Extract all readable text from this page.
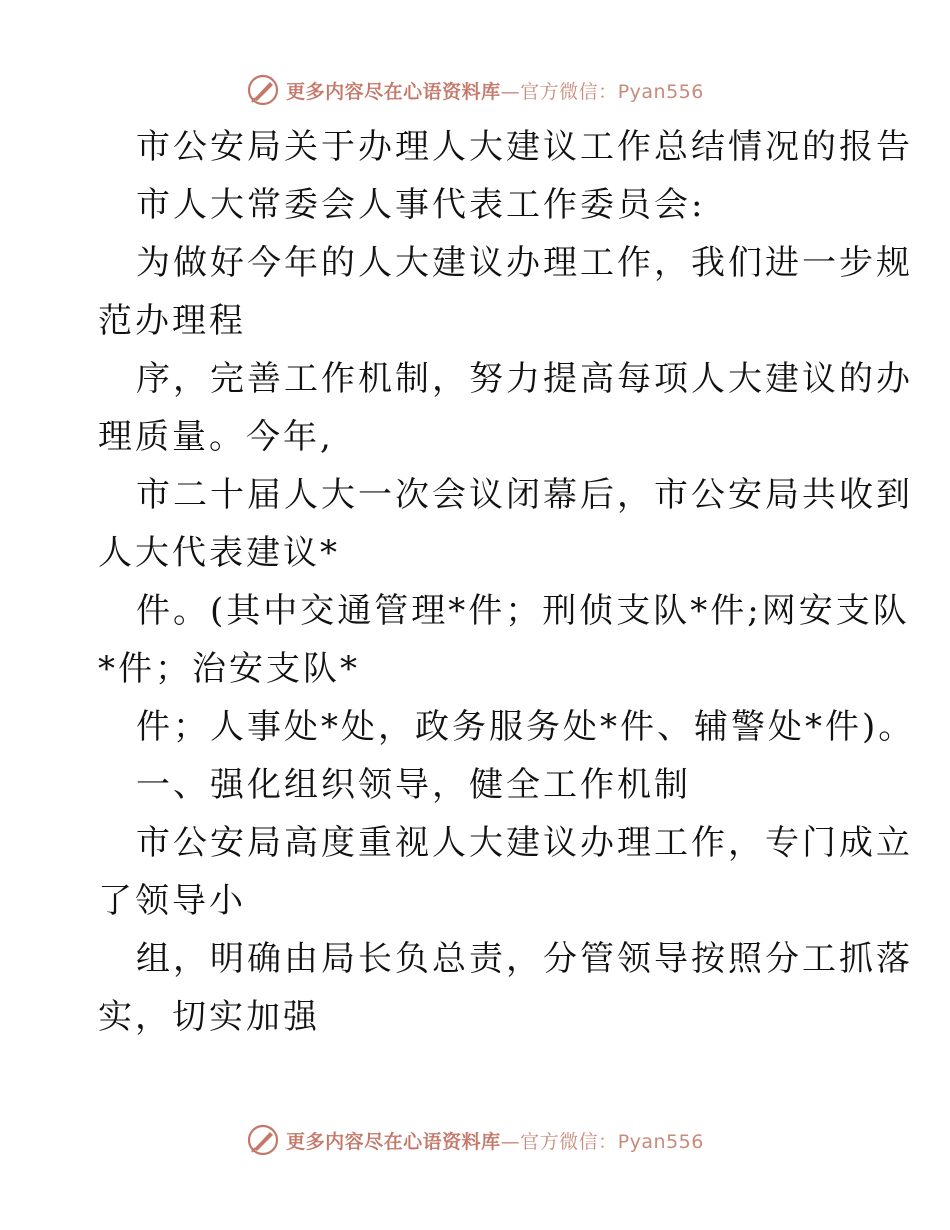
更多内容尽在心语资料库—官方微信：Pyan556
市公安局关于办理人大建议工作总结情况的报告
市人大常委会人事代表工作委员会:
为做好今年的人大建议办理工作，我们进一步规
范办理程
序，完善工作机制，努力提高每项人大建议的办
理质量。今年,
市二十届人大一次会议闭幕后，市公安局共收到
人大代表建议*
件。(其中交通管理*件；刑侦支队*件;网安支队
*件；治安支队*
件；人事处*处，政务服务处*件、辅警处*件)。
一、强化组织领导，健全工作机制
市公安局高度重视人大建议办理工作，专门成立
了领导小
组，明确由局长负总责，分管领导按照分工抓落
实，切实加强
更多内容尽在心语资料库—官方微信：Pyan556
